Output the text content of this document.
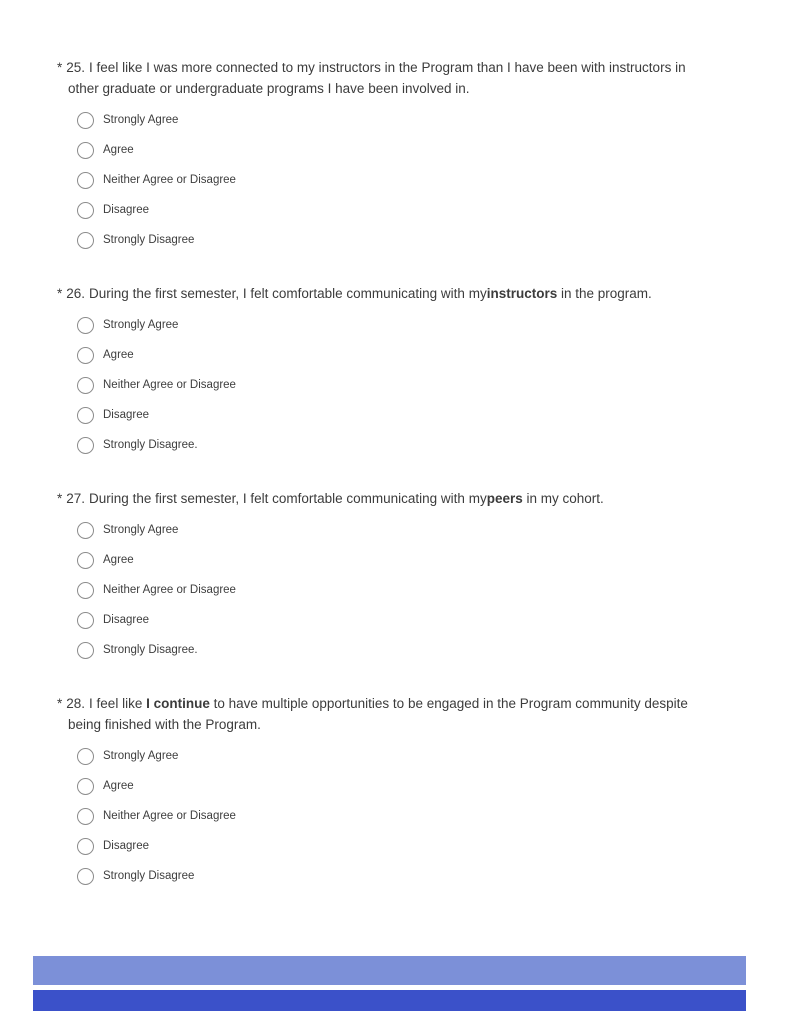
* 25. I feel like I was more connected to my instructors in the Program than I have been with instructors in other graduate or undergraduate programs I have been involved in.

Strongly Agree
Agree
Neither Agree or Disagree
Disagree
Strongly Disagree

* 26. During the first semester, I felt comfortable communicating with myinstructors in the program.

Strongly Agree
Agree
Neither Agree or Disagree
Disagree
Strongly Disagree.

* 27. During the first semester, I felt comfortable communicating with mypeers in my cohort.

Strongly Agree
Agree
Neither Agree or Disagree
Disagree
Strongly Disagree.

* 28. I feel like I continue to have multiple opportunities to be engaged in the Program community despite being finished with the Program.

Strongly Agree
Agree
Neither Agree or Disagree
Disagree
Strongly Disagree
